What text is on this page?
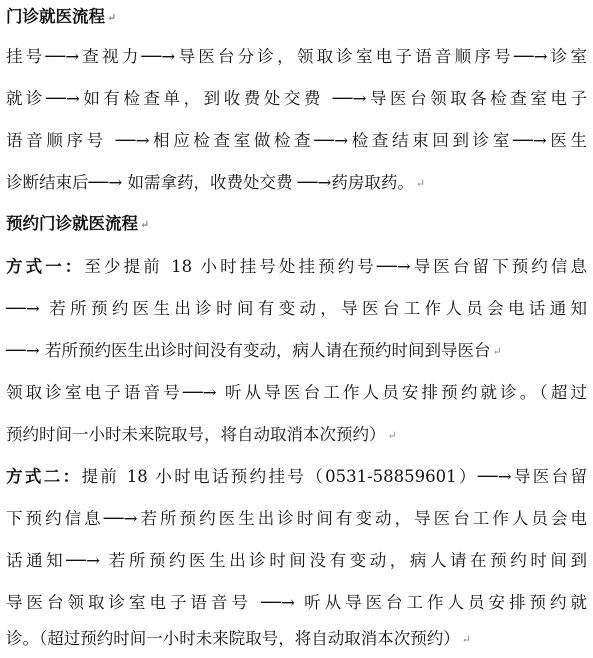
门诊就医流程 ↵
挂号──→查视力──→导医台分诊，领取诊室电子语音顺序号──→诊室
就诊──→如有检查单，到收费处交费 ──→导医台领取各检查室电子
语音顺序号 ──→相应检查室做检查──→检查结束回到诊室──→医生
诊断结束后──→ 如需拿药，收费处交费 ──→药房取药。 ↵
预约门诊就医流程 ↵
方式一：至少提前 18 小时挂号处挂预约号──→导医台留下预约信息
──→ 若所预约医生出诊时间有变动，导医台工作人员会电话通知
──→ 若所预约医生出诊时间没有变动，病人请在预约时间到导医台 ↵
领取诊室电子语音号──→ 听从导医台工作人员安排预约就诊。（超过
预约时间一小时未来院取号，将自动取消本次预约） ↵
方式二：提前 18 小时电话预约挂号（0531-58859601）──→导医台留
下预约信息──→若所预约医生出诊时间有变动，导医台工作人员会电
话通知──→ 若所预约医生出诊时间没有变动，病人请在预约时间到
导医台领取诊室电子语音号 ──→ 听从导医台工作人员安排预约就
诊。（超过预约时间一小时未来院取号，将自动取消本次预约） ↵
